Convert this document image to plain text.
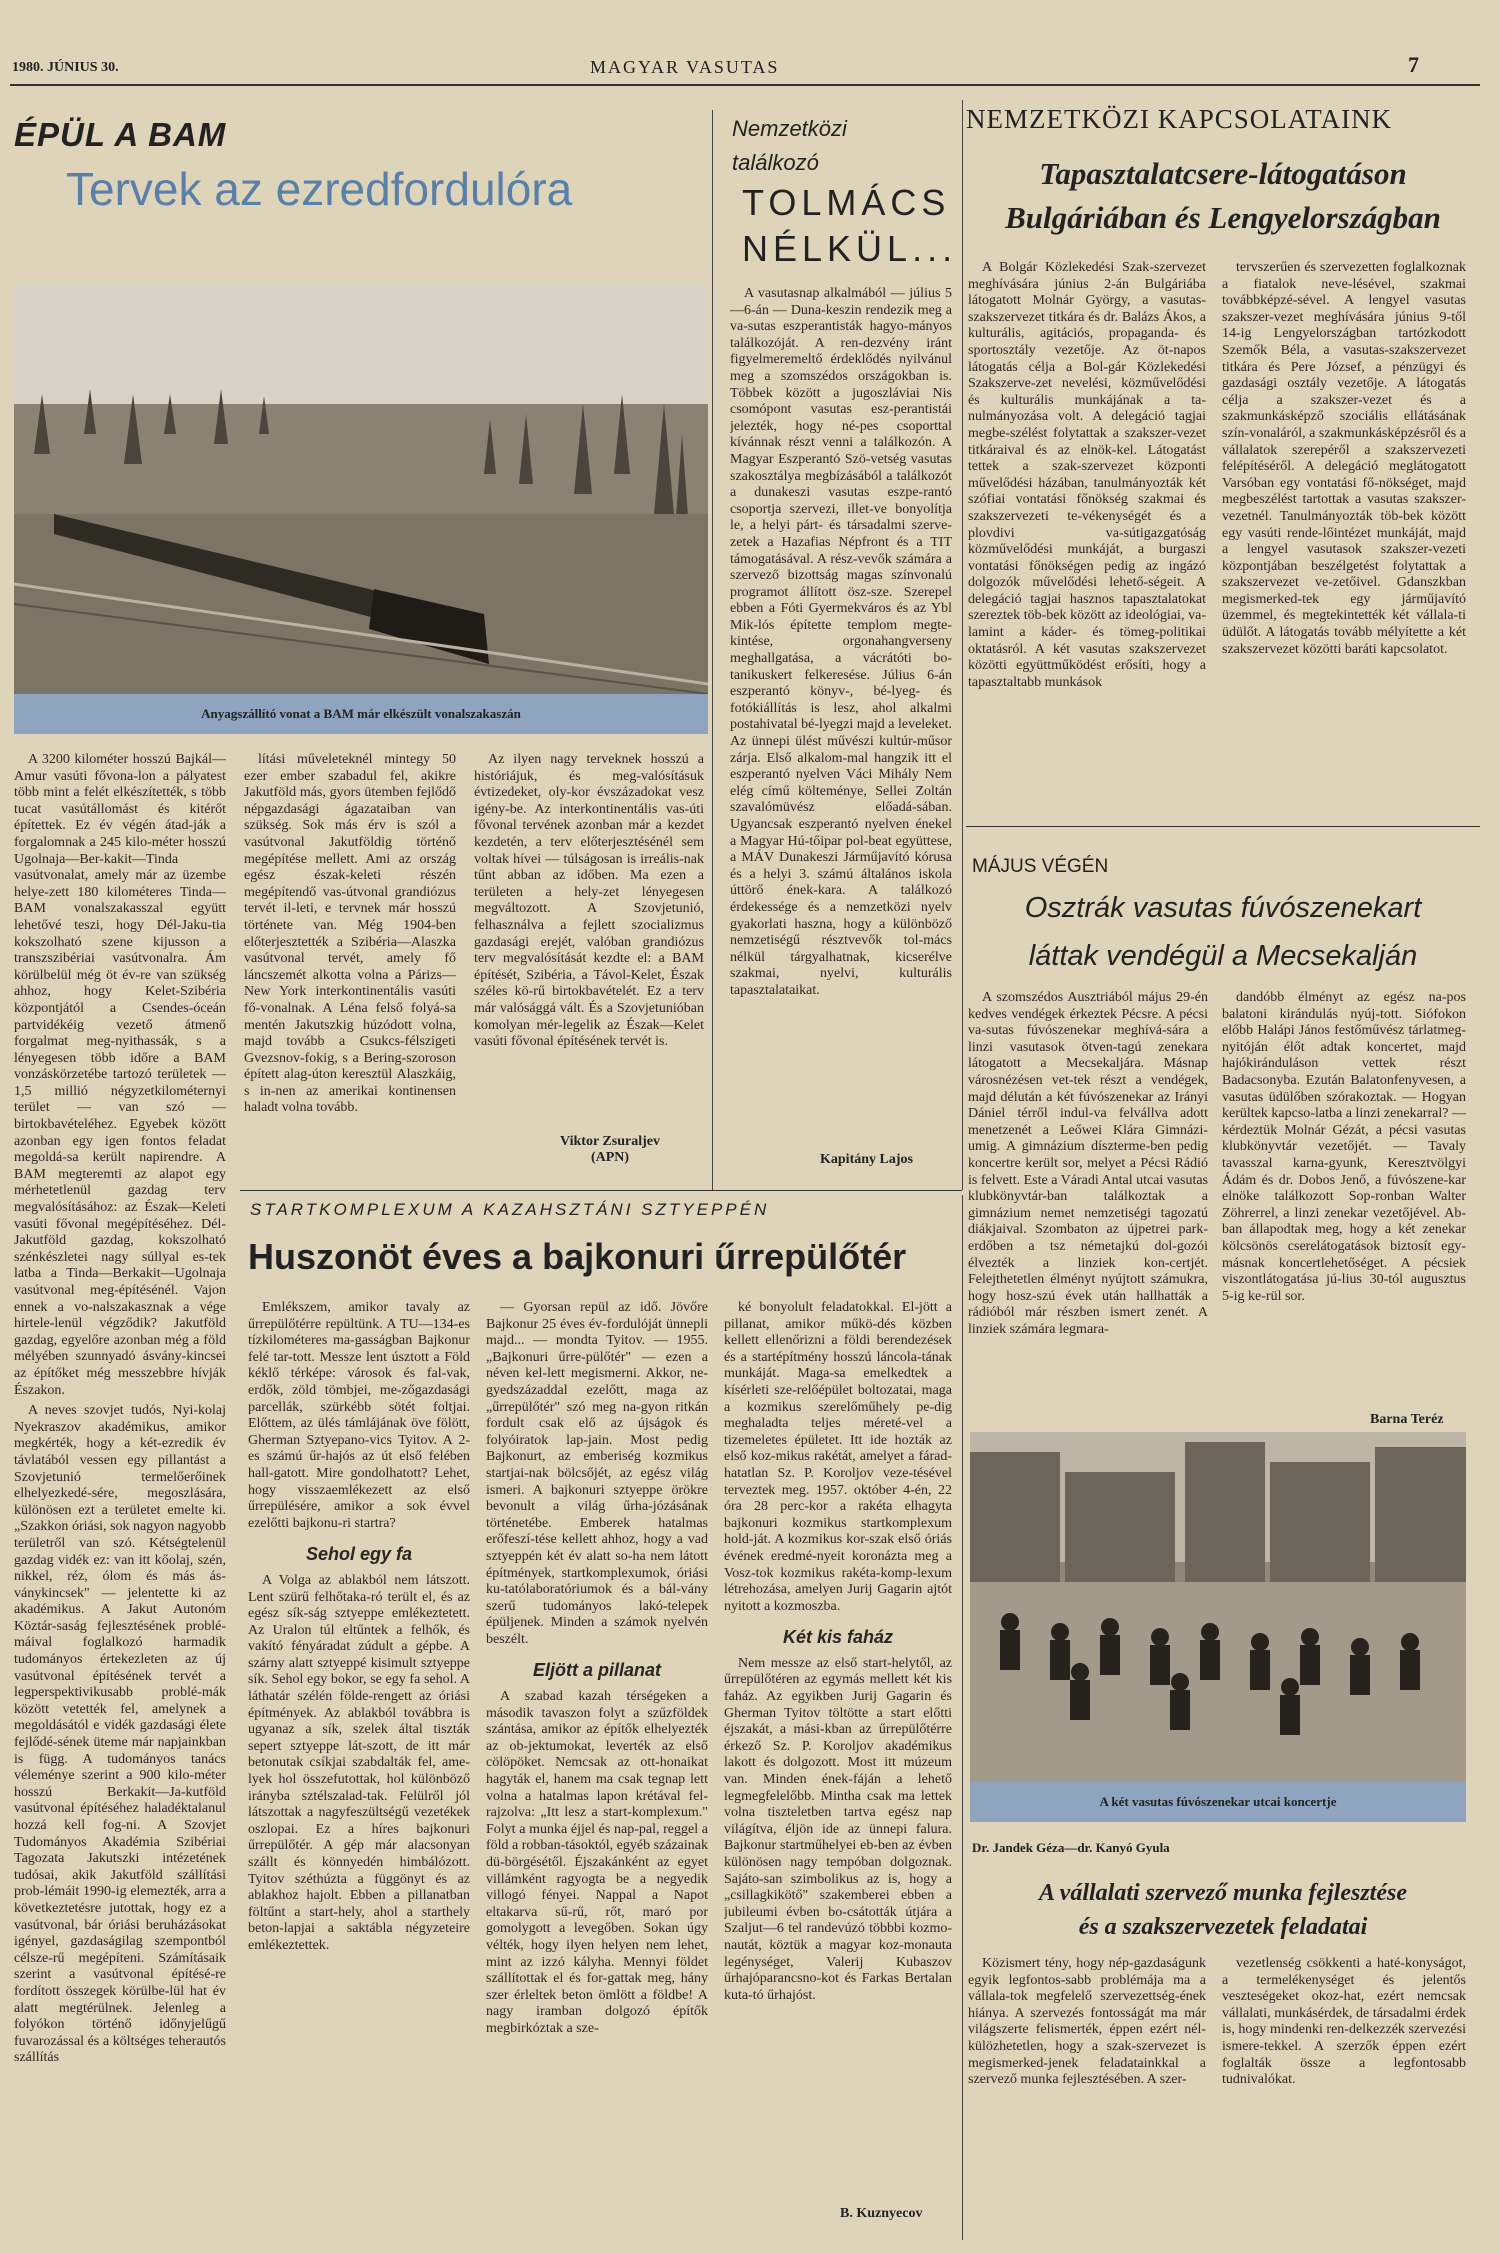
1980. JÚNIUS 30.	MAGYAR VASUTAS	7
ÉPÜL A BAM
Tervek az ezredfordulóra
Anyagszállító vonat a BAM már elkészült vonalszakaszán

A 3200 kilométer hosszú Bajkál—Amur vasúti fővona-lon a pályatest több mint a felét elkészítették, s több tucat vasútállomást és kitérőt építettek. Ez év végén átad-ják a forgalomnak a 245 kilo-méter hosszú Ugolnaja—Ber-kakit—Tinda vasútvonalat, amely már az üzembe helye-zett 180 kilométeres Tinda—BAM vonalszakasszal együtt lehetővé teszi, hogy Dél-Jaku-tia kokszolható szene kijusson a transzszibériai vasútvonalra. Ám körülbelül még öt év-re van szükség ahhoz, hogy Kelet-Szibéria központjától a Csendes-óceán partvidékéig vezető átmenő forgalmat meg-nyithassák, s a lényegesen több időre a BAM vonzáskörzetébe tartozó területek — 1,5 millió négyzetkilométernyi terület — van szó — birtokbavételéhez. Egyebek között azonban egy igen fontos feladat megoldá-sa került napirendre. A BAM megteremti az alapot egy mérhetetlenül gazdag terv megvalósításához: az Észak—Keleti vasúti fővonal megépítéséhez. Dél-Jakutföld gazdag, kokszolható szénkészletei nagy súllyal es-tek latba a Tinda—Berkakit—Ugolnaja vasútvonal meg-építésénél. Vajon ennek a vo-nalszakasznak a vége hirtele-lenül végződik? Jakutföld gazdag, egyelőre azonban még a föld mélyében szunnyadó ásvány-kincsei az építőket még messzebbre hívják Északon.

A neves szovjet tudós, Nyi-kolaj Nyekraszov akadémikus, amikor megkérték, hogy a két-ezredik év távlatából vessen egy pillantást a Szovjetunió termelőerőinek elhelyezkedé-sére, megoszlására, különösen ezt a területet emelte ki. „Szakkon óriási, sok nagyon nagyobb területről van szó. Kétségtelenül gazdag vidék ez: van itt kőolaj, szén, nikkel, réz, ólom és más ás-ványkincsek" — jelentette ki az akadémikus. A Jakut Autonóm Köztár-saság fejlesztésének problé-máival foglalkozó harmadik tudományos értekezleten az új vasútvonal építésének tervét a legperspektivikusabb problé-mák között vetették fel, amelynek a megoldásától e vidék gazdasági élete fejlődé-sének üteme már napjainkban is függ. A tudományos tanács véleménye szerint a 900 kilo-méter hosszú Berkakit—Ja-kutföld vasútvonal építéséhez haladéktalanul hozzá kell fog-ni. A Szovjet Tudományos Akadémia Szibériai Tagozata Jakutszki intézetének tudósai, akik Jakutföld szállítási prob-lémáit 1990-ig elemezték, arra a következtetésre jutottak, hogy ez a vasútvonal, bár óriási beruházásokat igényel, gazdaságilag szempontból célsze-rű megépíteni. Számításaik szerint a vasútvonal építésé-re fordított összegek körülbe-lül hat év alatt megtérülnek. Jelenleg a folyókon történő időnyjelűgű fuvarozással és a költséges teherautós szállítás

lítási műveleteknél mintegy 50 ezer ember szabadul fel, akikre Jakutföld más, gyors ütemben fejlődő népgazdasági ágazataiban van szükség. Sok más érv is szól a vasútvonal Jakutföldig történő megépítése mellett. Ami az ország egész észak-keleti részén megépítendő vas-útvonal grandiózus tervét il-leti, e tervnek már hosszú története van. Még 1904-ben előterjesztették a Szibéria—Alaszka vasútvonal tervét, amely fő láncszemét alkotta volna a Párizs—New York interkontinentális vasúti fő-vonalnak. A Léna felső folyá-sa mentén Jakutszkig húzódott volna, majd tovább a Csukcs-félszigeti Gvezsnov-fokig, s a Bering-szoroson épített alag-úton keresztül Alaszkáig, s in-nen az amerikai kontinensen haladt volna tovább.

Az ilyen nagy terveknek hosszú a históriájuk, és meg-valósításuk évtizedeket, oly-kor évszázadokat vesz igény-be. Az interkontinentális vas-úti fővonal tervének azonban már a kezdet kezdetén, a terv előterjesztésénél sem voltak hívei — túlságosan is irreális-nak tűnt abban az időben. Ma ezen a területen a hely-zet lényegesen megváltozott. A Szovjetunió, felhasználva a fejlett szocializmus gazdasági erejét, valóban grandiózus terv megvalósítását kezdte el: a BAM építését, Szibéria, a Távol-Kelet, Észak széles kö-rű birtokbavételét. Ez a terv már valósággá vált. És a Szovjetunióban komolyan mér-legelik az Észak—Kelet vasúti fővonal építésének tervét is.

Viktor Zsuraljev
(APN)
Nemzetközi találkozó
TOLMÁCS
NÉLKÜL...

A vasutasnap alkalmából — július 5—6-án — Duna-keszin rendezik meg a va-sutas eszperantisták hagyo-mányos találkozóját. A ren-dezvény iránt figyelmeremeltő érdeklődés nyilvánul meg a szomszédos országokban is. Többek között a jugoszláviai Nis csomópont vasutas esz-perantistái jelezték, hogy né-pes csoporttal kívánnak részt venni a találkozón. A Magyar Eszperantó Szö-vetség vasutas szakosztálya megbízásából a találkozót a dunakeszi vasutas eszpe-rantó csoportja szervezi, illet-ve bonyolítja le, a helyi párt- és társadalmi szerve-zetek a Hazafias Népfront és a TIT támogatásával. A rész-vevők számára a szervező bizottság magas színvonalú programot állított ösz-sze. Szerepel ebben a Fóti Gyermekváros és az Ybl Mik-lós építette templom megte-kintése, orgonahangverseny meghallgatása, a vácrátóti bo-tanikuskert felkeresése. Július 6-án eszperantó könyv-, bé-lyeg- és fotókiállítás is lesz, ahol alkalmi postahivatal bé-lyegzi majd a leveleket. Az ünnepi ülést művészi kultúr-műsor zárja. Első alkalom-mal hangzik itt el eszperantó nyelven Váci Mihály Nem elég című költeménye, Sellei Zoltán szavalómüvész előadá-sában. Ugyancsak eszperantó nyelven énekel a Magyar Hú-tőipar pol-beat együttese, a MÁV Dunakeszi Járműjavító kórusa és a helyi 3. számú általános iskola úttörő ének-kara. A találkozó érdekessége és a nemzetközi nyelv gyakorlati haszna, hogy a különböző nemzetiségű résztvevők tol-mács nélkül tárgyalhatnak, kicserélve szakmai, nyelvi, kulturális tapasztalataikat.

Kapitány Lajos
NEMZETKÖZI KAPCSOLATAINK
Tapasztalatcsere-látogatáson
Bulgáriában és Lengyelországban

A Bolgár Közlekedési Szak-szervezet meghívására június 2-án Bulgáriába látogatott Molnár György, a vasutas-szakszervezet titkára és dr. Balázs Ákos, a kulturális, agitációs, propaganda- és sportosztály vezetője. Az öt-napos látogatás célja a Bol-gár Közlekedési Szakszerve-zet nevelési, közművelődési és kulturális munkájának a ta-nulmányozása volt. A delegáció tagjai megbe-szélést folytattak a szakszer-vezet titkáraival és az elnök-kel. Látogatást tettek a szak-szervezet központi művelődési házában, tanulmányozták két szófiai vontatási főnökség szakmai és szakszervezeti te-vékenységét és a plovdivi va-sútigazgatóság közművelődési munkáját, a burgaszi vontatási főnökségen pedig az ingázó dolgozók művelődési lehető-ségeit. A delegáció tagjai hasznos tapasztalatokat szereztek töb-bek között az ideológiai, va-lamint a káder- és tömeg-politikai oktatásról. A két vasutas szakszervezet közötti együttműködést erősíti, hogy a tapasztaltabb munkások

tervszerűen és szervezetten foglalkoznak a fiatalok neve-lésével, szakmai továbbképzé-sével. A lengyel vasutas szakszer-vezet meghívására június 9-től 14-ig Lengyelországban tartózkodott Szemők Béla, a vasutas-szakszervezet titkára és Pere József, a pénzügyi és gazdasági osztály vezetője. A látogatás célja a szakszer-vezet és a szakmunkásképző szociális ellátásának szín-vonaláról, a szakmunkásképzésről és a vállalatok szerepéről a szakszervezeti felépítéséről. A delegáció meglátogatott Varsóban egy vontatási fő-nökséget, majd megbeszélést tartottak a vasutas szakszer-vezetnél. Tanulmányozták töb-bek között egy vasúti rende-lőintézet munkáját, majd a lengyel vasutasok szakszer-vezeti központjában beszélgetést folytattak a szakszervezet ve-zetőivel. Gdanszkban megismerked-tek egy járműjavító üzemmel, és megtekintették két vállala-ti üdülőt. A látogatás tovább mélyítette a két szakszervezet közötti baráti kapcsolatot.

MÁJUS VÉGÉN
Osztrák vasutas fúvószenekart
láttak vendégül a Mecsekalján

A szomszédos Ausztriából május 29-én kedves vendégek érkeztek Pécsre. A pécsi va-sutas fúvószenekar meghívá-sára a linzi vasutasok ötven-tagú zenekara látogatott a Mecsekaljára. Másnap városnézésen vet-tek részt a vendégek, majd délután a két fúvószenekar az Irányi Dániel térről indul-va felvállva adott menetzenét a Leőwei Klára Gimnázi-umig. A gimnázium díszterme-ben pedig koncertre került sor, melyet a Pécsi Rádió is felvett. Este a Váradi Antal utcai vasutas klubkönyvtár-ban találkoztak a gimnázium nemet nemzetiségi tagozatú diákjaival. Szombaton az újpetrei park-erdőben a tsz németajkú dol-gozói élvezték a linziek kon-certjét. Felejthetetlen élményt nyújtott számukra, hogy hosz-szú évek után hallhatták a rádióból már részben ismert zenét. A linziek számára legmara-

dandóbb élményt az egész na-pos balatoni kirándulás nyúj-tott. Siófokon előbb Halápi János festőművész tárlatmeg-nyitóján élőt adtak koncertet, majd hajókiránduláson vettek részt Badacsonyba. Ezután Balatonfenyvesen, a vasutas üdülőben szórakoztak. — Hogyan kerültek kapcso-latba a linzi zenekarral? — kérdeztük Molnár Gézát, a pécsi vasutas klubkönyvtár vezetőjét. — Tavaly tavasszal karna-gyunk, Keresztvölgyi Ádám és dr. Dobos Jenő, a fúvószene-kar elnöke találkozott Sop-ronban Walter Zöhrerrel, a linzi zenekar vezetőjével. Ab-ban állapodtak meg, hogy a két zenekar kölcsönös cserelátogatások biztosít egy-másnak koncertlehetőséget. A pécsiek viszontlátogatása jú-lius 30-tól augusztus 5-ig ke-rül sor.

Barna Teréz
A két vasutas fúvószenekar utcai koncertje
Dr. Jandek Géza—dr. Kanyó Gyula
A vállalati szervező munka fejlesztése
és a szakszervezetek feladatai

Közismert tény, hogy nép-gazdaságunk egyik legfontos-sabb problémája ma a vállala-tok megfelelő szervezettség-ének hiánya. A szervezés fontosságát ma már világszerte felismerték, éppen ezért nél-külözhetetlen, hogy a szak-szervezet is megismerked-jenek feladatainkkal a szervező munka fejlesztésében. A szer-

vezetlenség csökkenti a haté-konyságot, a termelékenységet és jelentős veszteségeket okoz-hat, ezért nemcsak vállalati, munkásérdek, de társadalmi érdek is, hogy mindenki ren-delkezzék szervezési ismere-tekkel. A szerzők éppen ezért foglalták össze a legfontosabb tudnivalókat.

STARTKOMPLEXUM A KAZAHSZTÁNI SZTYEPPÉN
Huszonöt éves a bajkonuri űrrepülőtér

Emlékszem, amikor tavaly az űrrepülőtérre repültünk. A TU—134-es tízkilométeres ma-gasságban Bajkonur felé tar-tott. Messze lent úsztott a Föld kéklő térképe: városok és fal-vak, erdők, zöld tömbjei, me-zőgazdasági parcellák, szürkébb sötét foltjai. Előttem, az ülés támlájának öve fölött, Gherman Sztyepano-vics Tyitov. A 2-es számú űr-hajós az út első felében hall-gatott. Mire gondolhatott? Lehet, hogy visszaemlékezett az első űrrepülésére, amikor a sok évvel ezelőtti bajkonu-ri startra?

Sehol egy fa

A Volga az ablakból nem látszott. Lent szürű felhőtaka-ró terült el, és az egész sík-ság sztyeppe emlékeztetett. Az Uralon túl eltűntek a felhők, és vakító fényáradat zúdult a gépbe. A szárny alatt sztyeppé kisimult sztyeppe sík. Sehol egy bokor, se egy fa sehol. A láthatár szélén földe-rengett az óriási építmények. Az ablakból továbbra is ugyanaz a sík, szelek által tiszták sepert sztyeppe lát-szott, de itt már betonutak csíkjai szabdalták fel, ame-lyek hol összefutottak, hol különböző irányba sztélszalad-tak. Felülről jól látszottak a nagyfeszültségű vezetékek oszlopai. Ez a híres bajkonuri űrrepülőtér. A gép már alacsonyan szállt és könnyedén himbálózott. Tyitov széthúzta a függönyt és az ablakhoz hajolt. Ebben a pillanatban föltűnt a start-hely, ahol a starthely beton-lapjai a saktábla négyzeteire emlékeztettek.

— Gyorsan repül az idő. Jövőre Bajkonur 25 éves év-fordulóját ünnepli majd... — mondta Tyitov. — 1955. „Bajkonuri űrre-pülőtér" — ezen a néven kel-lett megismerni. Akkor, ne-gyedszázaddal ezelőtt, maga az „űrrepülőtér" szó meg na-gyon ritkán fordult csak elő az újságok és folyóiratok lap-jain. Most pedig Bajkonurt, az emberiség kozmikus startjai-nak bölcsőjét, az egész világ ismeri. A bajkonuri sztyeppe örökre bevonult a világ űrha-józásának történetébe. Emberek hatalmas erőfeszí-tése kellett ahhoz, hogy a vad sztyeppén két év alatt so-ha nem látott építmények, startkomplexumok, óriási ku-tatólaboratóriumok és a bál-vány szerű tudományos lakó-telepek épüljenek. Minden a számok nyelvén beszélt.

Eljött a pillanat

A szabad kazah térségeken a második tavaszon folyt a szűzföldek szántása, amikor az építők elhelyezték az ob-jektumokat, leverték az első cölöpöket. Nemcsak az ott-honaikat hagyták el, hanem ma csak tegnap lett volna a hatalmas lapon krétával fel-rajzolva: „Itt lesz a start-komplexum." Folyt a munka éjjel és nap-pal, reggel a föld a robban-tásoktól, egyéb százainak dü-börgésétől. Éjszakánként az egyet villámként ragyogta be a negyedik villogó fényei. Nappal a Napot eltakarva sű-rű, rőt, maró por gomolygott a levegőben. Sokan úgy vélték, hogy ilyen helyen nem lehet, mint az izzó kályha. Mennyi földet szállítottak el és for-gattak meg, hány szer érleltek beton ömlött a földbe! A nagy iramban dolgozó építők megbirkóztak a sze-

ké bonyolult feladatokkal. El-jött a pillanat, amikor műkö-dés közben kellett ellenőrizni a földi berendezések és a startépítmény hosszú láncola-tának munkáját. Maga-sa emelkedtek a kísérleti sze-relőépület boltozatai, maga a kozmikus szerelőműhely pe-dig meghaladta teljes méreté-vel a tizemeletes épületet. Itt ide hozták az első koz-mikus rakétát, amelyet a fárad-hatatlan Sz. P. Koroljov veze-tésével terveztek meg. 1957. október 4-én, 22 óra 28 perc-kor a rakéta elhagyta bajkonuri kozmikus startkomplexum hold-ját. A kozmikus kor-szak első óriás évének eredmé-nyeit koronázta meg a Vosz-tok kozmikus rakéta-komp-lexum létrehozása, amelyen Jurij Gagarin ajtót nyitott a kozmoszba.

Két kis faház

Nem messze az első start-helytől, az űrrepülőtéren az egymás mellett két kis faház. Az egyikben Jurij Gagarin és Gherman Tyitov töltötte a start előtti éjszakát, a mási-kban az űrrepülőtérre érkező Sz. P. Koroljov akadémikus lakott és dolgozott. Most itt múzeum van. Minden ének-fáján a lehető legmegfelelőbb. Mintha csak ma lettek volna tiszteletben tartva egész nap világítva, éljön ide az ünnepi falura. Bajkonur startműhelyei eb-ben az évben különösen nagy tempóban dolgoznak. Sajáto-san szimbolikus az is, hogy a „csillagkikötő" szakemberei ebben a jubileumi évben bo-csátották útjára a Szaljut—6 tel randevúzó többbi kozmo-nautát, köztük a magyar koz-monauta legénységet, Valerij Kubaszov űrhajóparancsno-kot és Farkas Bertalan kuta-tó űrhajóst.

B. Kuznyecov
